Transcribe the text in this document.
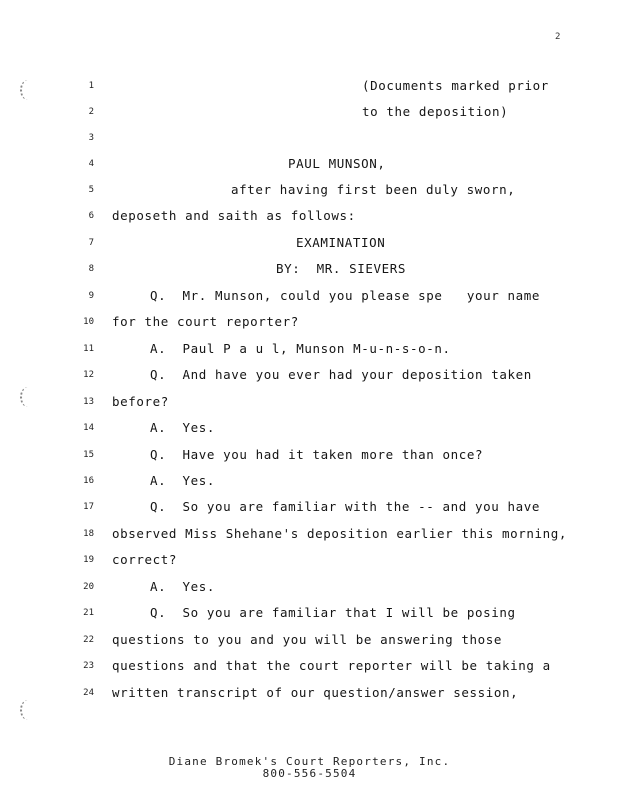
2
1	(Documents marked prior
2	to the deposition)
3
4	PAUL MUNSON,
5	after having first been duly sworn,
6 deposeth and saith as follows:
7	EXAMINATION
8	BY:  MR. SIEVERS
9	Q.  Mr. Munson, could you please spe   your name
10 for the court reporter?
11	A.  Paul P a u l, Munson M-u-n-s-o-n.
12	Q.  And have you ever had your deposition taken
13 before?
14	A.  Yes.
15	Q.  Have you had it taken more than once?
16	A.  Yes.
17	Q.  So you are familiar with the -- and you have
18 observed Miss Shehane's deposition earlier this morning,
19 correct?
20	A.  Yes.
21	Q.  So you are familiar that I will be posing
22 questions to you and you will be answering those
23 questions and that the court reporter will be taking a
24 written transcript of our question/answer session,
Diane Bromek's Court Reporters, Inc.
800-556-5504
